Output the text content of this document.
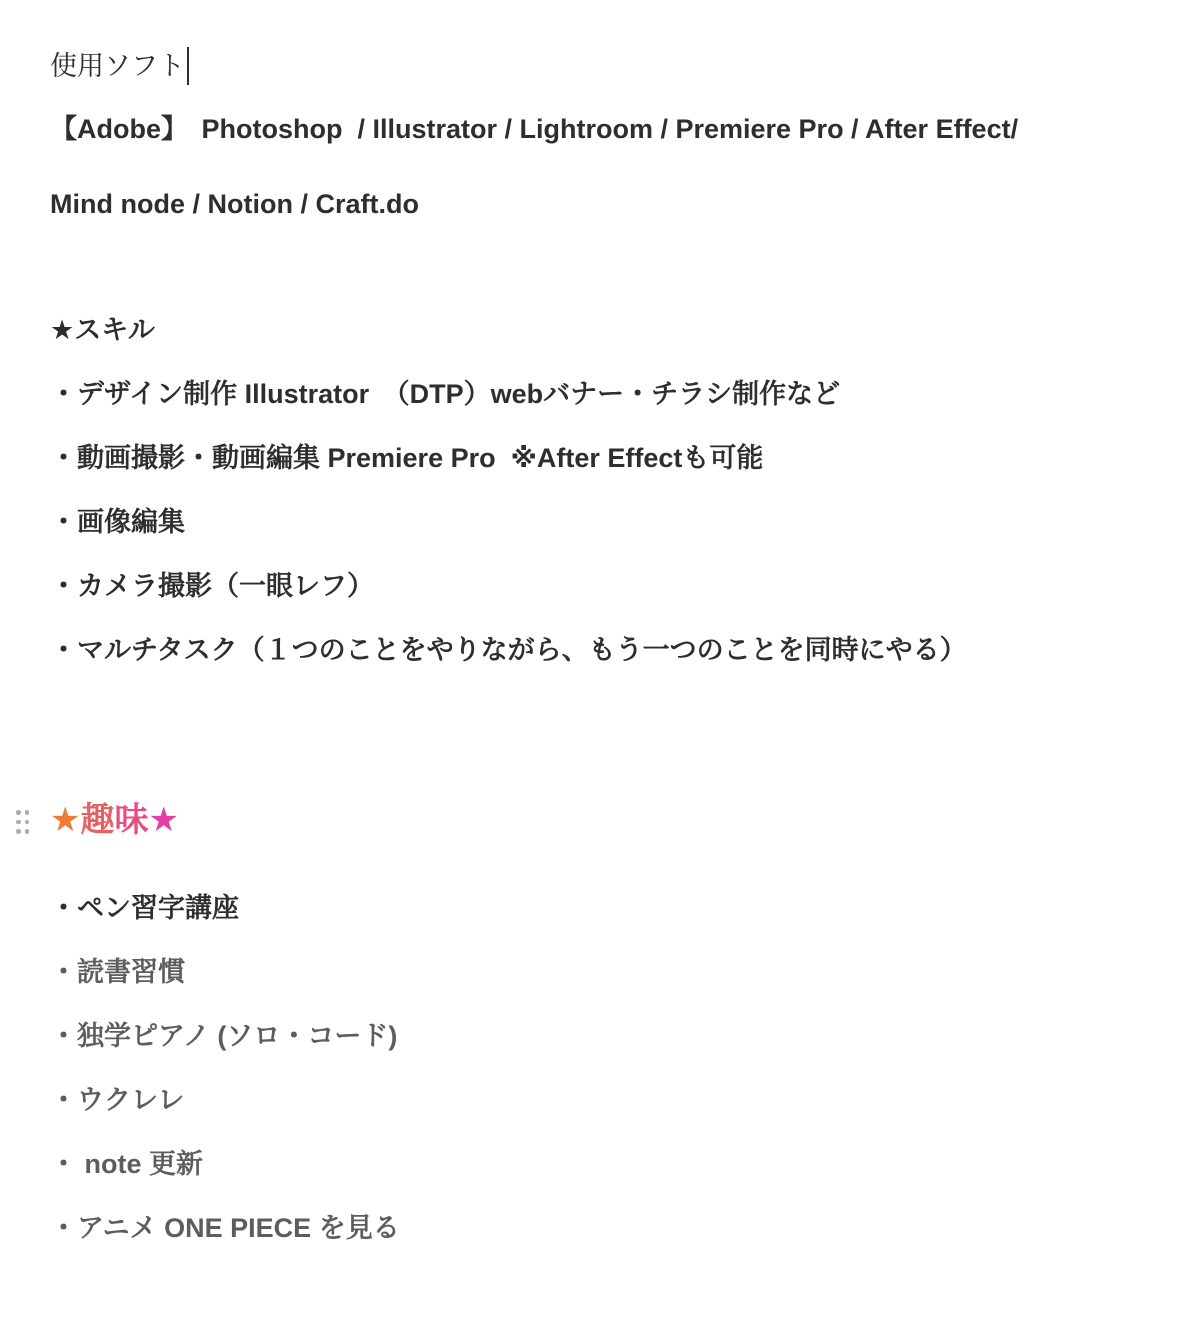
使用ソフト

【Adobe】　Photoshop  / Illustrator / Lightroom / Premiere Pro / After Effect/

Mind node / Notion / Craft.do

★スキル

・デザイン制作 Illustrator　（DTP）webバナー・チラシ制作など

・動画撮影・動画編集 Premiere Pro  ※After Effectも可能

・画像編集

・カメラ撮影（一眼レフ）

・マルチタスク（１つのことをやりながら、もう一つのことを同時にやる）

★趣味★

・ペン習字講座

・読書習慣

・独学ピアノ (ソロ・コード)

・ウクレレ

・ note 更新

・アニメ ONE PIECE を見る
